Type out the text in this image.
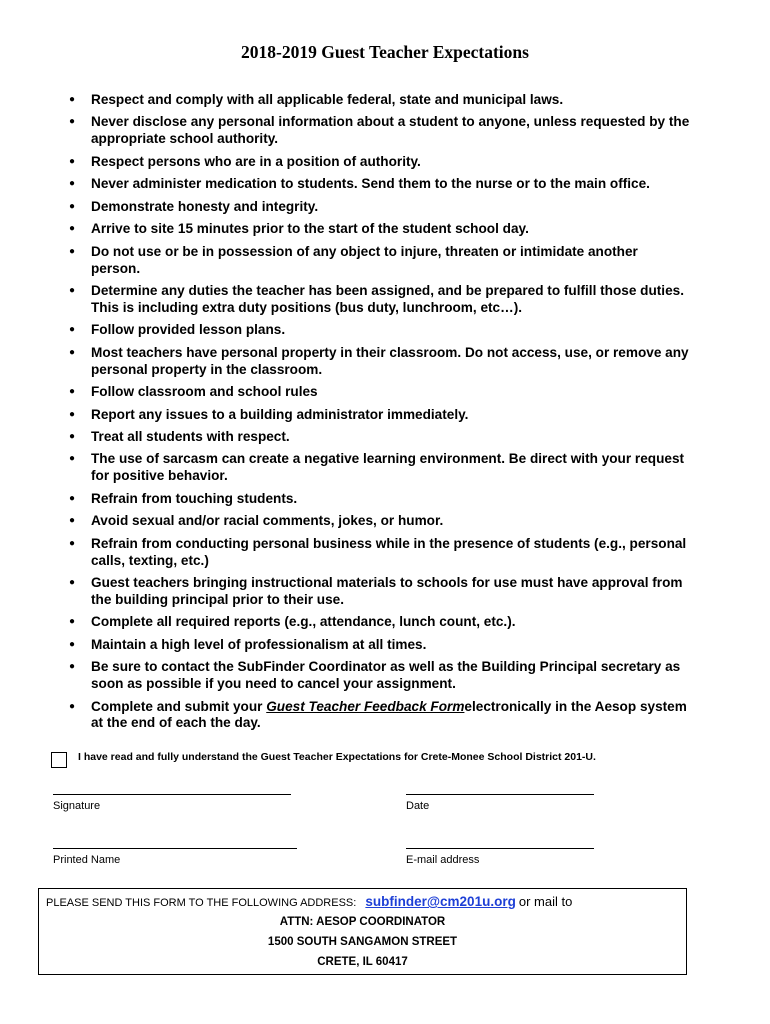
2018-2019 Guest Teacher Expectations
● Respect and comply with all applicable federal, state and municipal laws.
● Never disclose any personal information about a student to anyone, unless requested by the appropriate school authority.
● Respect persons who are in a position of authority.
● Never administer medication to students. Send them to the nurse or to the main office.
● Demonstrate honesty and integrity.
● Arrive to site 15 minutes prior to the start of the student school day.
● Do not use or be in possession of any object to injure, threaten or intimidate another person.
● Determine any duties the teacher has been assigned, and be prepared to fulfill those duties. This is including extra duty positions (bus duty, lunchroom, etc…).
● Follow provided lesson plans.
● Most teachers have personal property in their classroom. Do not access, use, or remove any personal property in the classroom.
● Follow classroom and school rules
● Report any issues to a building administrator immediately.
● Treat all students with respect.
● The use of sarcasm can create a negative learning environment. Be direct with your request for positive behavior.
● Refrain from touching students.
● Avoid sexual and/or racial comments, jokes, or humor.
● Refrain from conducting personal business while in the presence of students (e.g., personal calls, texting, etc.)
● Guest teachers bringing instructional materials to schools for use must have approval from the building principal prior to their use.
● Complete all required reports (e.g., attendance, lunch count, etc.).
● Maintain a high level of professionalism at all times.
● Be sure to contact the SubFinder Coordinator as well as the Building Principal secretary as soon as possible if you need to cancel your assignment.
● Complete and submit your Guest Teacher Feedback Formelectronically in the Aesop system at the end of each the day.
I have read and fully understand the Guest Teacher Expectations for Crete-Monee School District 201-U.
Signature	Date
Printed Name	E-mail address
PLEASE SEND THIS FORM TO THE FOLLOWING ADDRESS: subfinder@cm201u.org or mail to
ATTN: AESOP COORDINATOR
1500 SOUTH SANGAMON STREET
CRETE, IL 60417
